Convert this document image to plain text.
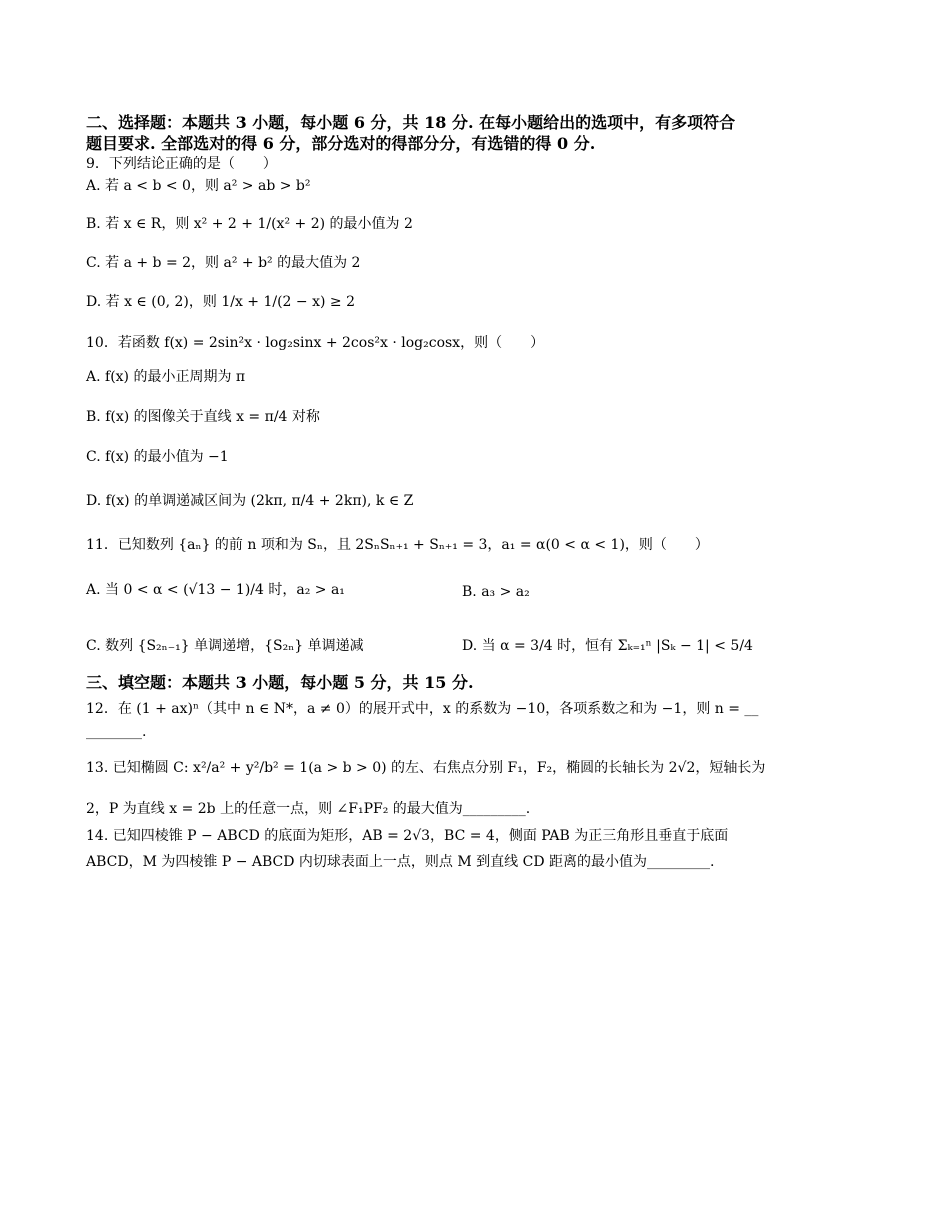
二、选择题：本题共 3 小题，每小题 6 分，共 18 分. 在每小题给出的选项中，有多项符合
题目要求. 全部选对的得 6 分，部分选对的得部分分，有选错的得 0 分.
9．下列结论正确的是（　　）
A. 若 a < b < 0，则 a² > ab > b²
B. 若 x ∈ R，则 x² + 2 + 1/(x² + 2) 的最小值为 2
C. 若 a + b = 2，则 a² + b² 的最大值为 2
D. 若 x ∈ (0, 2)，则 1/x + 1/(2 − x) ≥ 2
10．若函数 f(x) = 2sin²x · log₂sinx + 2cos²x · log₂cosx，则（　　）
A. f(x) 的最小正周期为 π
B. f(x) 的图像关于直线 x = π/4 对称
C. f(x) 的最小值为 −1
D. f(x) 的单调递减区间为 (2kπ, π/4 + 2kπ), k ∈ Z
11．已知数列 {aₙ} 的前 n 项和为 Sₙ，且 2SₙSₙ₊₁ + Sₙ₊₁ = 3，a₁ = α(0 < α < 1)，则（　　）
A. 当 0 < α < (√13 − 1)/4 时，a₂ > a₁	B. a₃ > a₂
C. 数列 {S₂ₙ₋₁} 单调递增，{S₂ₙ} 单调递减	D. 当 α = 3/4 时，恒有 Σₖ₌₁ⁿ |Sₖ − 1| < 5/4
三、填空题：本题共 3 小题，每小题 5 分，共 15 分.
12．在 (1 + ax)ⁿ（其中 n ∈ N*，a ≠ 0）的展开式中，x 的系数为 −10，各项系数之和为 −1，则 n = __
________.
13. 已知椭圆 C: x²/a² + y²/b² = 1(a > b > 0) 的左、右焦点分别 F₁，F₂，椭圆的长轴长为 2√2，短轴长为
2，P 为直线 x = 2b 上的任意一点，则 ∠F₁PF₂ 的最大值为_________.
14. 已知四棱锥 P − ABCD 的底面为矩形，AB = 2√3，BC = 4，侧面 PAB 为正三角形且垂直于底面
ABCD，M 为四棱锥 P − ABCD 内切球表面上一点，则点 M 到直线 CD 距离的最小值为_________.
